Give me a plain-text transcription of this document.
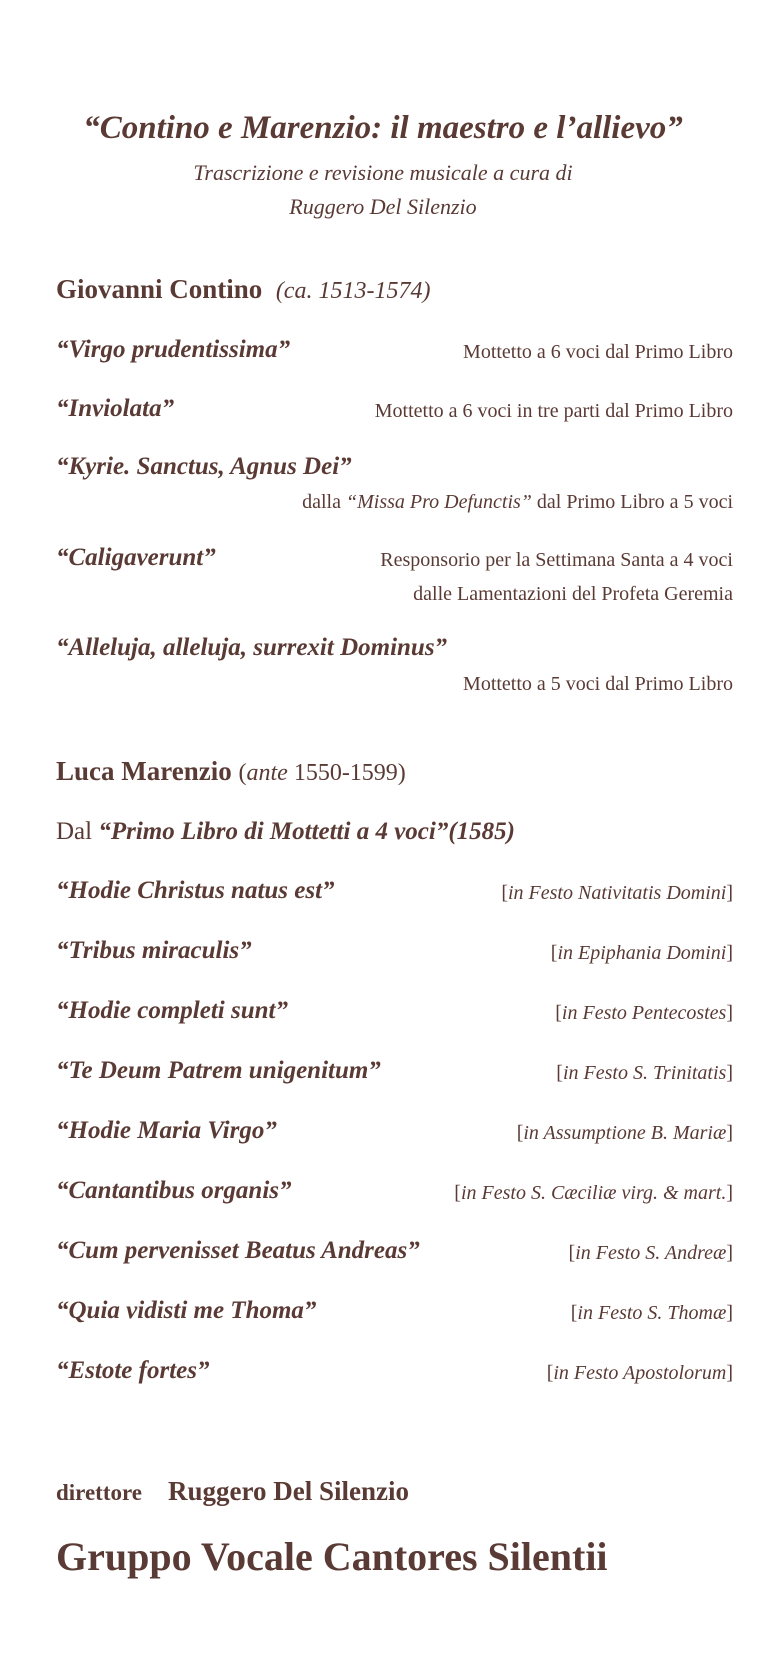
“Contino e Marenzio: il maestro e l’allievo”
Trascrizione e revisione musicale a cura di
Ruggero Del Silenzio
Giovanni Contino (ca. 1513-1574)
“Virgo prudentissima”	Mottetto a 6 voci dal Primo Libro
“Inviolata”	Mottetto a 6 voci in tre parti dal Primo Libro
“Kyrie. Sanctus, Agnus Dei”
dalla “Missa Pro Defunctis” dal Primo Libro a 5 voci
“Caligaverunt”	Responsorio per la Settimana Santa a 4 voci
dalle Lamentazioni del Profeta Geremia
“Alleluja, alleluja, surrexit Dominus”
Mottetto a 5 voci dal Primo Libro
Luca Marenzio (ante 1550-1599)
Dal “Primo Libro di Mottetti a 4 voci”(1585)
“Hodie Christus natus est”	[in Festo Nativitatis Domini]
“Tribus miraculis”	[in Epiphania Domini]
“Hodie completi sunt”	[in Festo Pentecostes]
“Te Deum Patrem unigenitum”	[in Festo S. Trinitatis]
“Hodie Maria Virgo”	[in Assumptione B. Mariæ]
“Cantantibus organis”	[in Festo S. Cæciliæ virg. & mart.]
“Cum pervenisset Beatus Andreas”	[in Festo S. Andreæ]
“Quia vidisti me Thoma”	[in Festo S. Thomæ]
“Estote fortes”	[in Festo Apostolorum]
direttore Ruggero Del Silenzio
Gruppo Vocale Cantores Silentii
